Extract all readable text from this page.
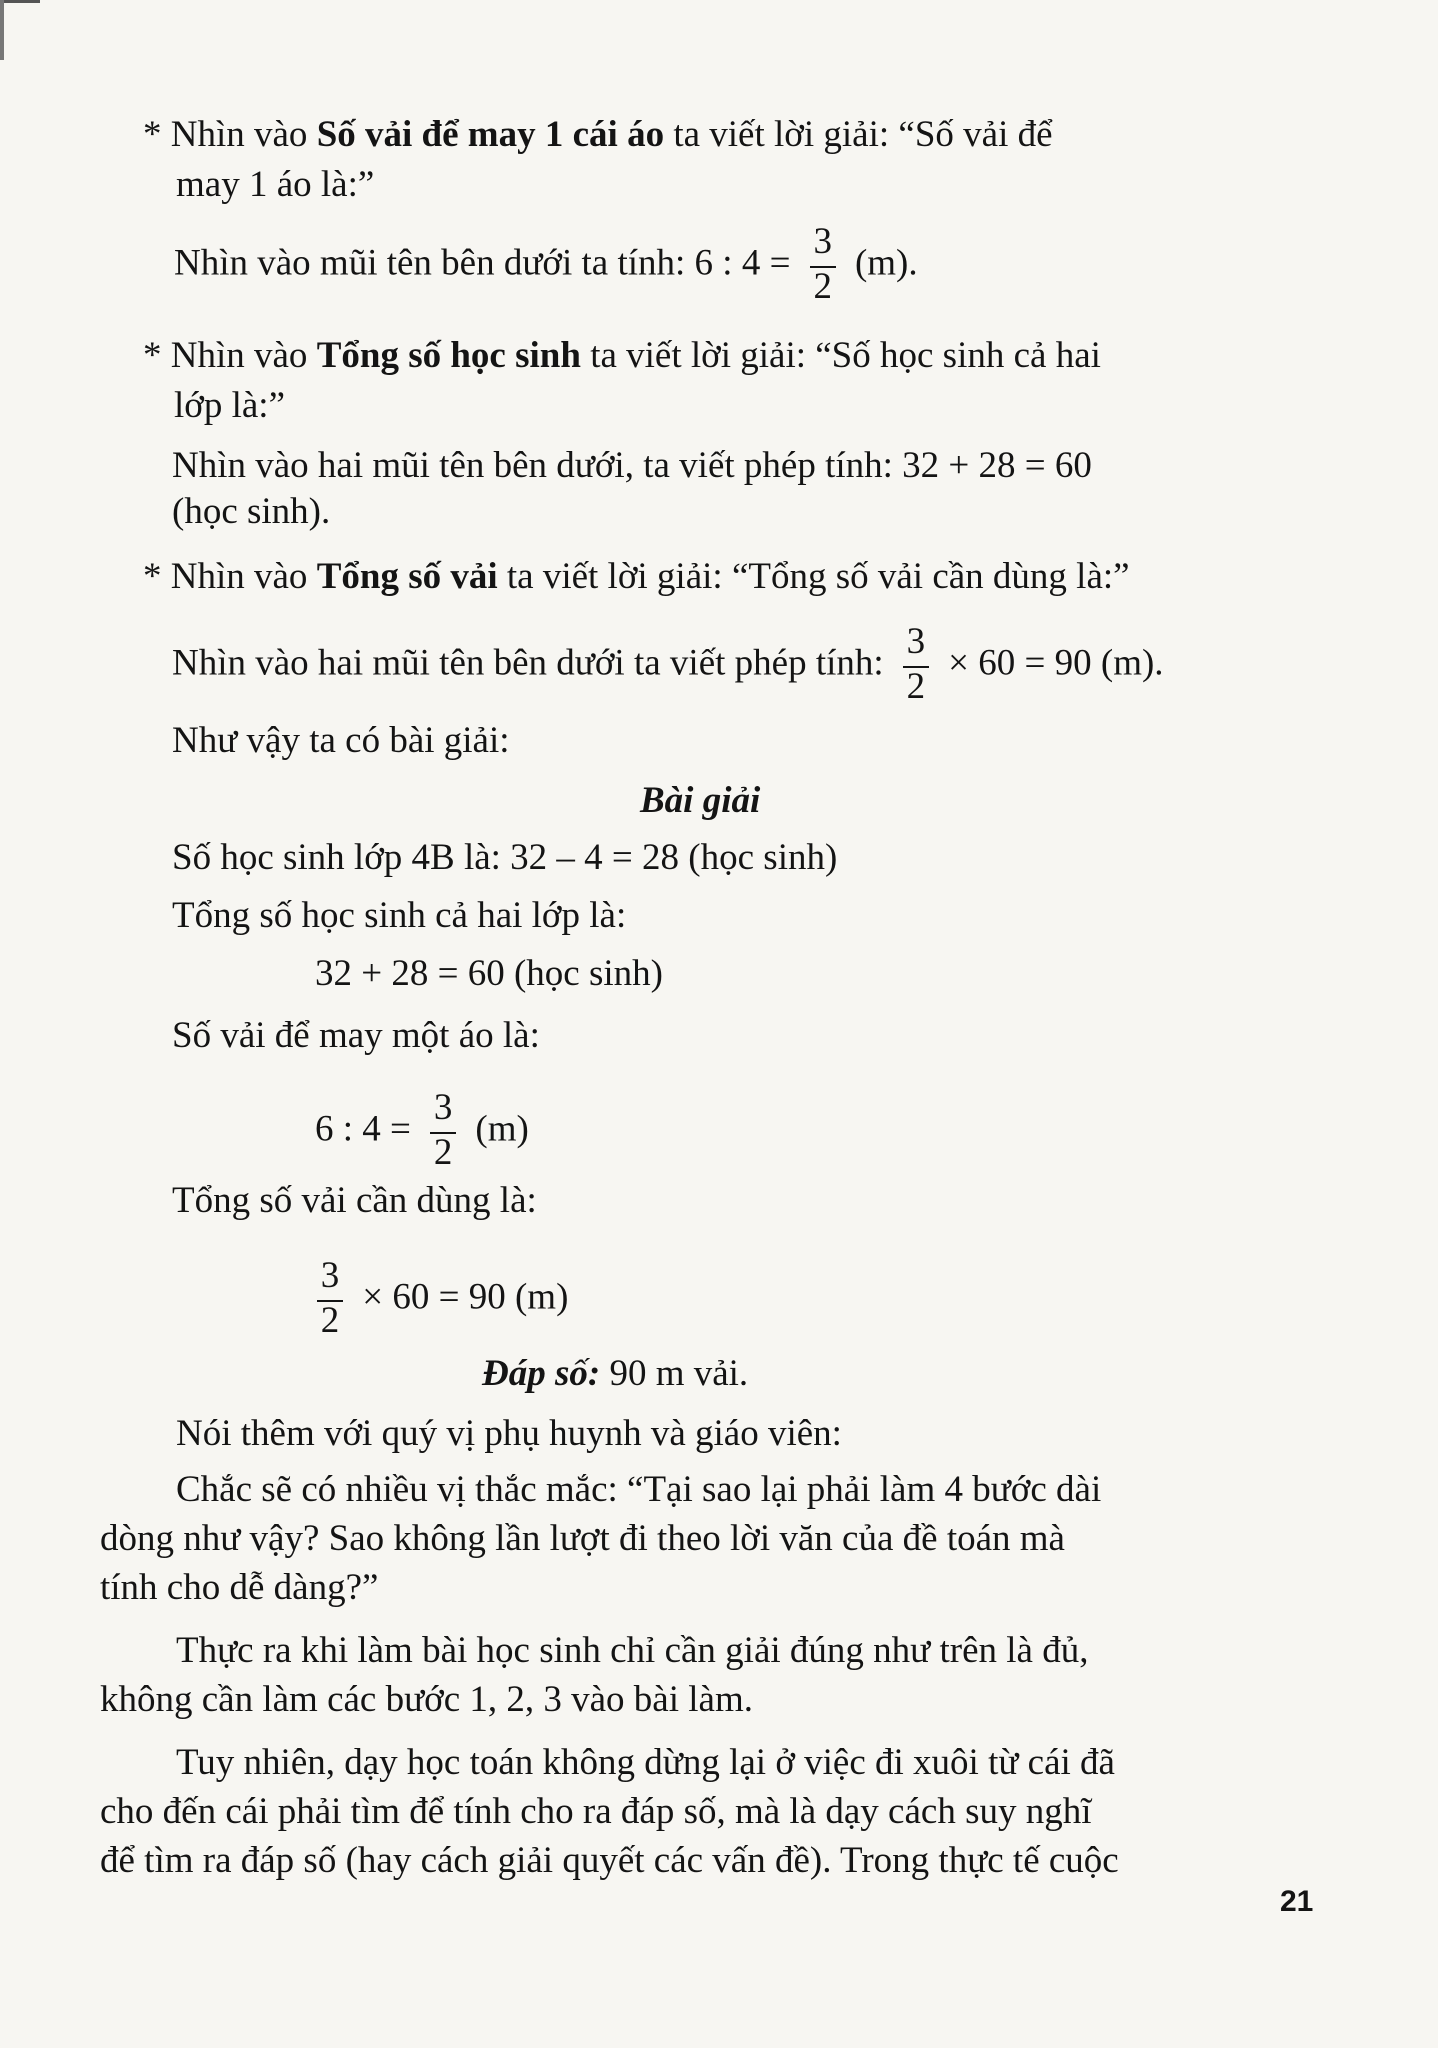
* Nhìn vào Số vải để may 1 cái áo ta viết lời giải: “Số vải để
may 1 áo là:”
Nhìn vào mũi tên bên dưới ta tính: 6 : $4 = \frac{3}{2} (m)$.
* Nhìn vào Tổng số học sinh ta viết lời giải: “Số học sinh cả hai
lớp là:”
Nhìn vào hai mũi tên bên dưới, ta viết phép tính: 32 + 28 = 60
(học sinh).
* Nhìn vào Tổng số vải ta viết lời giải: “Tổng số vải cần dùng là:”
Nhìn vào hai mũi tên bên dưới ta viết phép tính: $\frac{3}{2} \times 60 = 90$ (m).
Như vậy ta có bài giải:
Bài giải
Số học sinh lớp 4B là: 32 – 4 = 28 (học sinh)
Tổng số học sinh cả hai lớp là:
32 + 28 = 60 (học sinh)
Số vải để may một áo là:
6 : $4 = \frac{3}{2} (m)$
Tổng số vải cần dùng là:
$\frac{3}{2} \times 60 = 90$ (m)
Đáp số: 90 m vải.
Nói thêm với quý vị phụ huynh và giáo viên:
Chắc sẽ có nhiều vị thắc mắc: “Tại sao lại phải làm 4 bước dài
dòng như vậy? Sao không lần lượt đi theo lời văn của đề toán mà
tính cho dễ dàng?”
Thực ra khi làm bài học sinh chỉ cần giải đúng như trên là đủ,
không cần làm các bước 1, 2, 3 vào bài làm.
Tuy nhiên, dạy học toán không dừng lại ở việc đi xuôi từ cái đã
cho đến cái phải tìm để tính cho ra đáp số, mà là dạy cách suy nghĩ
để tìm ra đáp số (hay cách giải quyết các vấn đề). Trong thực tế cuộc
21
